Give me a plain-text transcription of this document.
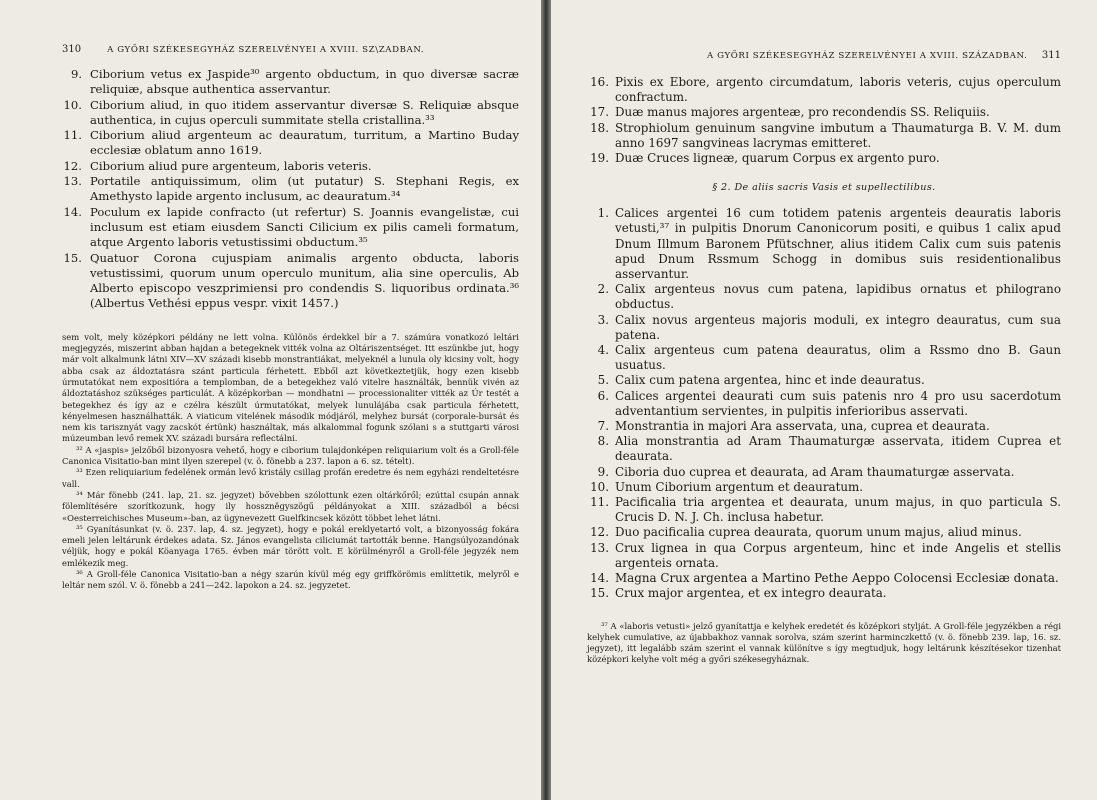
310	A GYŐRI SZÉKESEGYHÁZ SZERELVÉNYEI A XVIII. SZ\ZADBAN.
9. Ciborium vetus ex Jaspide³⁰ argento obductum, in quo diversæ sacræ reliquiæ, absque authentica asservantur.
10. Ciborium aliud, in quo itidem asservantur diversæ S. Reliquiæ absque authentica, in cujus operculi summitate stella cristallina.³³
11. Ciborium aliud argenteum ac deauratum, turritum, a Martino Buday ecclesiæ oblatum anno 1619.
12. Ciborium aliud pure argenteum, laboris veteris.
13. Portatile antiquissimum, olim (ut putatur) S. Stephani Regis, ex Amethysto lapide argento inclusum, ac deauratum.³⁴
14. Poculum ex lapide confracto (ut refertur) S. Joannis evangelistæ, cui inclusum est etiam eiusdem Sancti Cilicium ex pilis cameli formatum, atque Argento laboris vetustissimi obductum.³⁵
15. Quatuor Corona cujuspiam animalis argento obducta, laboris vetustissimi, quorum unum operculo munitum, alia sine operculis, Ab Alberto episcopo veszprimiensi pro condendis S. liquoribus ordinata.³⁶ (Albertus Vethési eppus vespr. vixit 1457.)

sem volt, mely középkori példány ne lett volna. Különös érdekkel bír a 7. számúra vonatkozó leltári megjegyzés, miszerint abban hajdan a betegeknek vitték volna az Oltáriszentséget. Itt eszünkbe jut, hogy már volt alkalmunk látni XIV—XV századi kisebb monstrantiákat, melyeknél a lunula oly kicsiny volt, hogy abba csak az áldoztatásra szánt particula férhetett. Ebből azt következtetjük, hogy ezen kisebb úrmutatókat nem expositióra a templomban, de a betegekhez való vitelre használták, bennük vivén az áldoztatáshoz szükséges particulát. A középkorban — mondhatni — processionaliter vitték az Úr testét a betegekhez és így az e czélra készült úrmutatókat, melyek lunulájába csak particula férhetett, kényelmesen használhatták. A viaticum vitelének második módjáról, melyhez bursát (corporale-bursát és nem kis tarisznyát vagy zacskót értünk) használtak, más alkalommal fogunk szólani s a stuttgarti városi múzeumban levő remek XV. századi bursára reflectálni.

³² A «jaspis» jelzőből bizonyosra vehető, hogy e ciborium tulajdonképen reliquiarium volt és a Groll-féle Canonica Visitatio-ban mint ilyen szerepel (v. ö. fönebb a 237. lapon a 6. sz. tételt).

³³ Ezen reliquiarium fedelének ormán levő kristály csillag profán eredetre és nem egyházi rendeltetésre vall.

³⁴ Már fönebb (241. lap, 21. sz. jegyzet) bővebben szólottunk ezen oltárkőről; ezúttal csupán annak fölemlítésére szorítkozunk, hogy ily hosszněgyszögű példányokat a XIII. századból a bécsi «Oesterreichisches Museum»-ban, az ügynevezett Guelfkincsek között többet lehet látni.

³⁵ Gyanításunkat (v. ö. 237. lap, 4. sz. jegyzet), hogy e pokál ereklyetartó volt, a bizonyosság fokára emeli jelen leltárunk érdekes adata. Sz. János evangelista ciliciumát tartották benne. Hangsúlyozandónak véljük, hogy e pokál Köanyaga 1765. évben már törött volt. E körülményről a Groll-féle jegyzék nem emlékezik meg.

³⁶ A Groll-féle Canonica Visitatio-ban a négy szarún kívül még egy griffkörömis említtetik, melyről e leltár nem szól. V. ö. fönebb a 241—242. lapokon a 24. sz. jegyzetet.

A GYŐRI SZÉKESEGYHÁZ SZERELVÉNYEI A XVIII. SZÁZADBAN. 311
16. Pixis ex Ebore, argento circumdatum, laboris veteris, cujus operculum confractum.
17. Duæ manus majores argenteæ, pro recondendis SS. Reliquiis.
18. Strophiolum genuinum sangvine imbutum a Thaumaturga B. V. M. dum anno 1697 sangvineas lacrymas emitteret.
19. Duæ Cruces ligneæ, quarum Corpus ex argento puro.
§ 2. De aliis sacris Vasis et supellectilibus.
1. Calices argentei 16 cum totidem patenis argenteis deauratis laboris vetusti,³⁷ in pulpitis Dnorum Canonicorum positi, e quibus 1 calix apud Dnum Illmum Baronem Pfütschner, alius itidem Calix cum suis patenis apud Dnum Rssmum Schogg in domibus suis residentionalibus asservantur.
2. Calix argenteus novus cum patena, lapidibus ornatus et philograno obductus.
3. Calix novus argenteus majoris moduli, ex integro deauratus, cum sua patena.
4. Calix argenteus cum patena deauratus, olim a Rssmo dno B. Gaun usuatus.
5. Calix cum patena argentea, hinc et inde deauratus.
6. Calices argentei deaurati cum suis patenis nro 4 pro usu sacerdotum adventantium servientes, in pulpitis inferioribus asservati.
7. Monstrantia in majori Ara asservata, una, cuprea et deaurata.
8. Alia monstrantia ad Aram Thaumaturgæ asservata, itidem Cuprea et deaurata.
9. Ciboria duo cuprea et deaurata, ad Aram thaumaturgæ asservata.
10. Unum Ciborium argentum et deauratum.
11. Pacificalia tria argentea et deaurata, unum majus, in quo particula S. Crucis D. N. J. Ch. inclusa habetur.
12. Duo pacificalia cuprea deaurata, quorum unum majus, aliud minus.
13. Crux lignea in qua Corpus argenteum, hinc et inde Angelis et stellis argenteis ornata.
14. Magna Crux argentea a Martino Pethe Aeppo Colocensi Ecclesiæ donata.
15. Crux major argentea, et ex integro deaurata.

³⁷ A «laboris vetusti» jelző gyanítattja e kelyhek eredetét és középkori stylját. A Groll-féle jegyzékben a régi kelyhek cumulative, az újabbakhoz vannak sorolva, szám szerint harminczkettő (v. ö. fönebb 239. lap, 16. sz. jegyzet), itt legalább szám szerint el vannak különítve s így megtudjuk, hogy leltárunk készítésekor tizenhat középkori kelyhe volt még a győri székesegyháznak.
